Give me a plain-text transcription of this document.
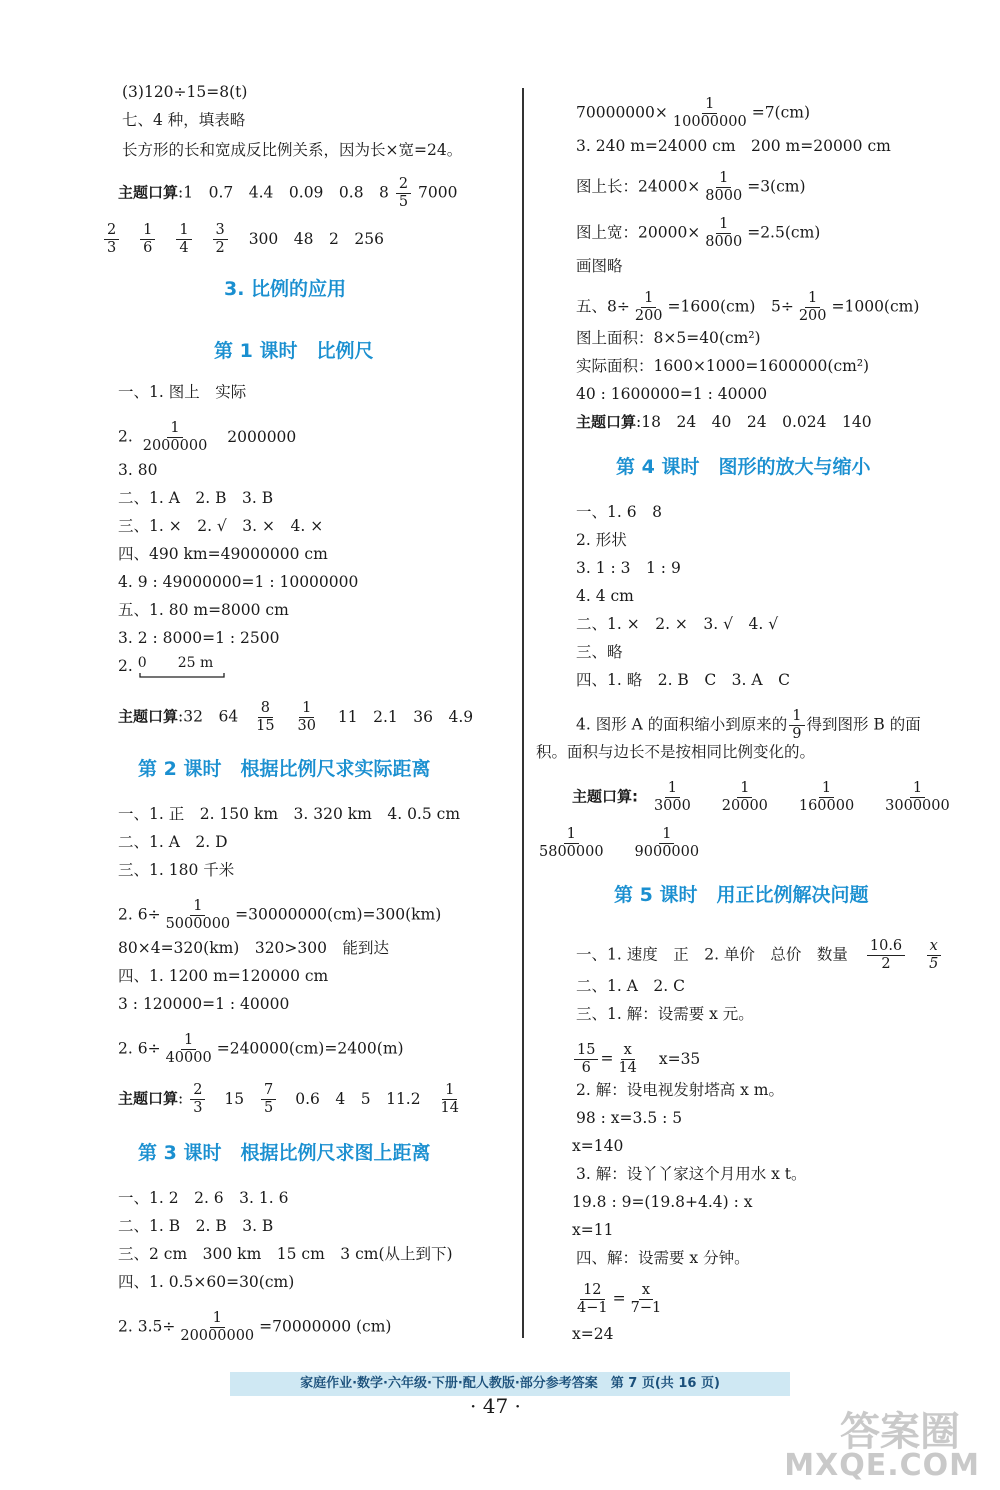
(3)120÷15=8(t)
七、4 种，填表略
长方形的长和宽成反比例关系，因为长×宽=24。
主题口算:1　0.7　4.4　0.09　0.8　$8 \frac{2}{5} 7000$
$\frac{2}{3}$
$\frac{1}{6}$
$\frac{1}{4}$
$\frac{3}{2} 300$　48　2　256
3. 比例的应用
第 1 课时　比例尺
一、1. 图上　实际
2. $\frac{1}{2000000} 2000000$
3. 80
二、1. A　2. B　3. B
三、1. ×　2. √　3. ×　4. ×
四、490 km=49000000 cm
4. 9 : 49000000=1 : 10000000
五、1. 80 m=8000 cm
3. 2 : 8000=1 : 2500
2. 0 25 m
主题口算:32　$64 \frac{8}{15}$
$\frac{1}{30} 11$　2.1　36　4.9
第 2 课时　根据比例尺求实际距离
一、1. 正　2. 150 km　3. 320 km　4. 0.5 cm
二、1. A　2. D
三、1. 180 千米
2. $6\div \frac{1}{5000000} =30000000(cm)=300(km)$
80×4=320(km)　320>300　能到达
四、1. 1200 m=120000 cm
3 : 120000=1 : 40000
2. $6\div \frac{1}{40000} =240000(cm)=2400(m)$
主题口算: $\frac{2}{3} 15 \frac{7}{5} 0.6$　4　5　$11.2 \frac{1}{14}$
第 3 课时　根据比例尺求图上距离
一、1. 2　2. 6　3. 1. 6
二、1. B　2. B　3. B
三、2 cm　300 km　15 cm　3 cm(从上到下)
四、1. 0.5×60=30(cm)
2. $3.5\div \frac{1}{20000000} =70000000$ (cm)
$70000000\times \frac{1}{10000000} =7(cm)$
3. 240 m=24000 cm　200 m=20000 cm
图上长：$24000\times \frac{1}{8000} =3(cm)$
图上宽：$20000\times \frac{1}{8000} =2.5(cm)$
画图略
五、$8\div \frac{1}{200} =1600(cm)$　$5\div \frac{1}{200} =1000(cm)$
图上面积：8×5=40(cm²)
实际面积：1600×1000=1600000(cm²)
40 : 1600000=1 : 40000
主题口算:18　24　40　24　0.024　140
第 4 课时　图形的放大与缩小
一、1. 6　8
2. 形状
3. 1 : 3　1 : 9
4. 4 cm
二、1. ×　2. ×　3. √　4. √
三、略
四、1. 略　2. B　C　3. A　C
4. 图形 A 的面积缩小到原来的 $\frac{1}{9}$ 得到图形 B 的面
积。面积与边长不是按相同比例变化的。
主题口算: $\frac{1}{3000}$
$\frac{1}{20000}$
$\frac{1}{160000}$
$\frac{1}{3000000}$
$\frac{1}{5800000}$
$\frac{1}{9000000}$
第 5 课时　用正比例解决问题
一、1. 速度　正　2. 单价　总价　数量 $\frac{10.6}{2}$
$\frac{x}{5}$
二、1. A　2. C
三、1. 解：设需要 x 元。
$\frac{15}{6} = \frac{x}{14} x=35$
2. 解：设电视发射塔高 x m。
98 : x=3.5 : 5
x=140
3. 解：设丫丫家这个月用水 x t。
19.8 : 9=(19.8+4.4) : x
x=11
四、解：设需要 x 分钟。
$\frac{12}{4-1} = \frac{x}{7-1}$
x=24
家庭作业·数学·六年级·下册·配人教版·部分参考答案　第 7 页(共 16 页)
· 47 ·
答案圈
MXQE.COM
